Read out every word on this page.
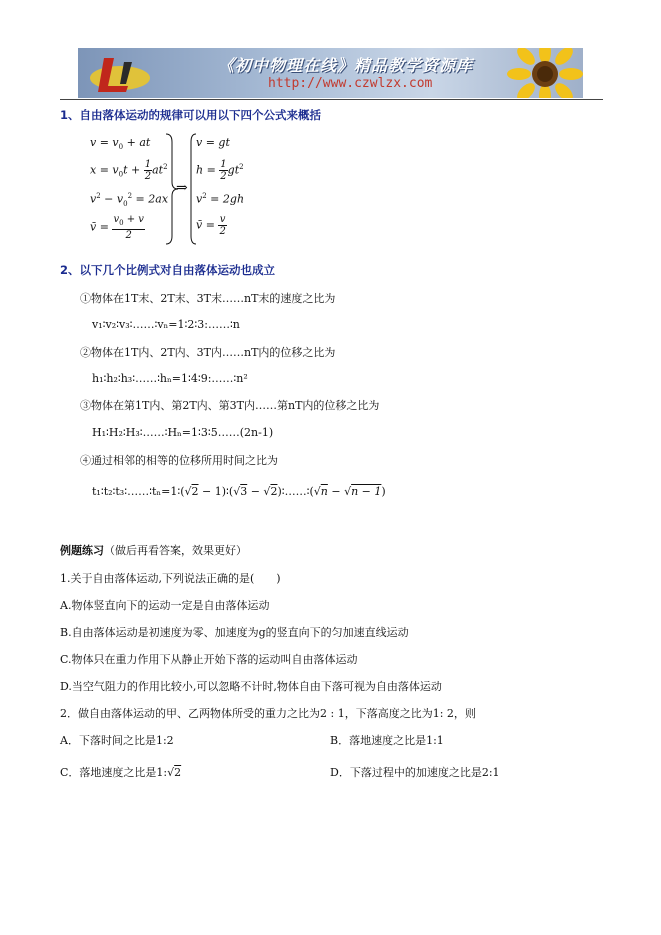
《初中物理在线》精品教学资源库
http://www.czwlzx.com
1、自由落体运动的规律可以用以下四个公式来概括
$v = v_0$ + at
$x = v_0t + \frac{1}{2} at^2$
$v^2 - v_0^2 = 2ax$
v̄ = $\frac{v_0 + v}{2}$
⇒
v = gt
$h = \frac{1}{2} gt^2$
$v^2 = 2gh$
v̄ = $\frac{v}{2}$
2、以下几个比例式对自由落体运动也成立
①物体在1T末、2T末、3T末……nT末的速度之比为
v₁∶v₂∶v₃∶……∶vₙ=1∶2∶3:……∶n
②物体在1T内、2T内、3T内……nT内的位移之比为
h₁∶h₂∶h₃∶……∶hₙ=1∶4∶9:……∶n²
③物体在第1T内、第2T内、第3T内……第nT内的位移之比为
H₁∶H₂∶H₃∶……∶Hₙ=1∶3∶5……(2n-1)
④通过相邻的相等的位移所用时间之比为
t₁∶t₂∶t₃∶……∶tₙ=1∶(√2 − 1)∶(√3 − √2)∶……∶(√n − √n − 1)
例题练习（做后再看答案，效果更好）
1.关于自由落体运动,下列说法正确的是(　　)
A.物体竖直向下的运动一定是自由落体运动
B.自由落体运动是初速度为零、加速度为g的竖直向下的匀加速直线运动
C.物体只在重力作用下从静止开始下落的运动叫自由落体运动
D.当空气阻力的作用比较小,可以忽略不计时,物体自由下落可视为自由落体运动
2．做自由落体运动的甲、乙两物体所受的重力之比为2 : 1，下落高度之比为1: 2，则
A．下落时间之比是1:2	B．落地速度之比是1:1
C．落地速度之比是1:√2	D．下落过程中的加速度之比是2:1
